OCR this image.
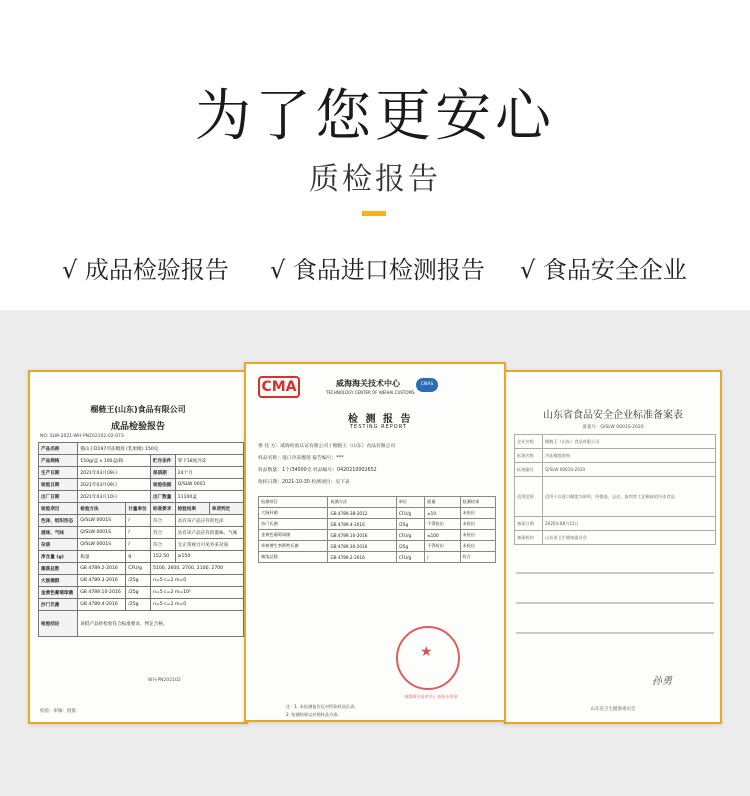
为了您更安心
质检报告
√ 成品检验报告 √ 食品进口检测报告 √ 食品安全企业
榴梿王(山东)食品有限公司
成品检验报告
NO: SLW-2021-WH-PN202102-02-073
产品名称	猫山王D197冷冻榴莲 (乳果级) 150克				
产品规格	150g/盒 x 100盒/箱		贮存条件	零下18度冷冻	
生产日期	2021年03月09日		保质期	24个月	
检验日期	2021年03月09日		检验依据	Q/SLW 0001	
出厂日期	2021年03月10日		出厂数量	11100盒	
检验项目	检验方法	计量单位	标准要求	检验结果	单项判定
色泽、组织形态	Q/SLW 0001S	/	符合	具有该产品应有的色泽	
滋味、气味	Q/SLW 0001S	/	符合	具有该产品应有的滋味、气味	
杂质	Q/SLW 0001S	/	符合	无正常视力可见外来杂质	
净含量 (g)	称量	g	152.50	≥150	
菌落总数	GB 4789.2-2016	CFU/g	5100, 2600, 2700, 2100, 2700		
大肠菌群	GB 4789.3-2016	/25g	n=5 c=2 m=0		
金黄色葡萄球菌	GB 4789.10-2016	/25g	n=5 c=2 m=10²		
沙门氏菌	GB 4789.4-2016	/25g	n=5 c=2 m=0		
检验结论	该批产品经检验符合标准要求，判定合格。				
WH-PN202102
检验：审核：批准：
CMA	威海海关技术中心
TECHNOLOGY CENTER OF WEIHAI CUSTOMS
CNAS
检 测 报 告
TESTING REPORT
委 托 方：威海检验认证有限公司 / 榴梿王（山东）食品有限公司
样品名称：进口冷冻榴莲 报告编号：***
样品数量：1个/34000克 样品编号：0420210002652
收样日期：2021-10-30 检测项目：见下表
检测项目	检测方法	单位	限量	检测结果
大肠杆菌	GB 4789.38-2012	CFU/g	≤10	未检出
沙门氏菌	GB 4789.4-2016	/25g	不得检出	未检出
金黄色葡萄球菌	GB 4789.10-2016	CFU/g	≤100	未检出
单核增生李斯特氏菌	GB 4789.30-2016	/25g	不得检出	未检出
菌落总数	GB 4789.2-2016	CFU/g	/	符合
★
威海海关技术中心 检验专用章
注：1. 本检测报告仅对所检样品负责。
2. 检测结果以对照样品为准。
山东省食品安全企业标准备案表
备案号：Q/SLW 0001S-2020
企业名称	榴梿王（山东）食品有限公司
标准名称	冷冻榴莲果肉
标准编号	Q/SLW 0001S-2020
适用范围	适用于以进口榴莲为原料，经挑选、去皮、取肉等工艺制成的冷冻食品
备案日期	2020年08月12日
备案机构	山东省卫生健康委员会
孙勇
山东省卫生健康委员会
